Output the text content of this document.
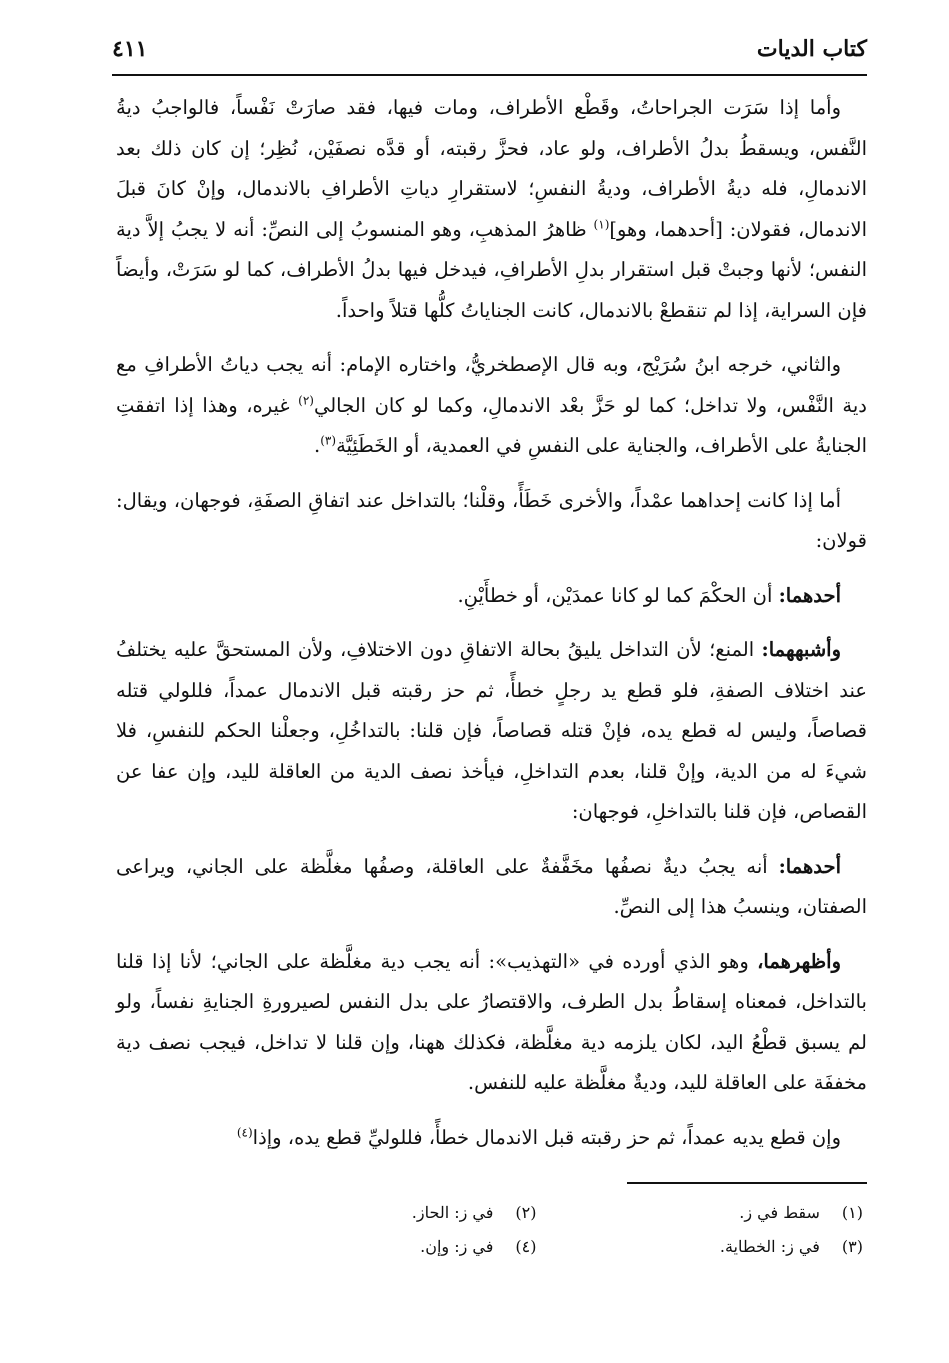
كتاب الديات
٤١١

وأما إذا سَرَت الجراحاتُ، وقَطْع الأطراف، ومات فيها، فقد صارَتْ نَفْساً، فالواجبُ ديةُ النَّفس، ويسقطُ بدلُ الأطراف، ولو عاد، فحزَّ رقبته، أو قدَّه نصفَيْن، نُظِر؛ إن كان ذلك بعد الاندمالِ، فله ديةُ الأطراف، وديةُ النفسِ؛ لاستقرارِ دياتِ الأطرافِ بالاندمال، وإنْ كانَ قبلَ الاندمال، فقولان: [أحدهما، وهو]$^{(١)}$ ظاهرُ المذهبِ، وهو المنسوبُ إلى النصِّ: أنه لا يجبُ إلاَّ دية النفس؛ لأنها وجبتْ قبل استقرار بدلِ الأطرافِ، فيدخل فيها بدلُ الأطراف، كما لو سَرَتْ، وأيضاً فإن السراية، إذا لم تنقطعْ بالاندمال، كانت الجناياتُ كلُّها قتلاً واحداً.

والثاني، خرجه ابنُ سُرَيْج، وبه قال الإصطخريُّ، واختاره الإمام: أنه يجب دياتُ الأطرافِ مع دية النَّفْس، ولا تداخل؛ كما لو حَزَّ بعْد الاندمالِ، وكما لو كان الجالي$^{(٢)}$ غيره، وهذا إذا اتفقتِ الجنايةُ على الأطراف، والجناية على النفسِ في العمدية، أو الخَطَئِيَّة$^{(٣)}$.

أما إذا كانت إحداهما عمْداً، والأخرى خَطَأً، وقلْنا؛ بالتداخل عند اتفاقِ الصفَةِ، فوجهان، ويقال: قولان:

أحدهما: أن الحكْمَ كما لو كانا عمدَيْن، أو خطأَيْنِ.

وأشبههما: المنع؛ لأن التداخل يليقُ بحالة الاتفاقِ دون الاختلافِ، ولأن المستحقَّ عليه يختلفُ عند اختلاف الصفةِ، فلو قطع يد رجلٍ خطأً، ثم حز رقبته قبل الاندمال عمداً، فللولي قتله قصاصاً، وليس له قطع يده، فإنْ قتله قصاصاً، فإن قلنا: بالتداخُلِ، وجعلْنا الحكم للنفسِ، فلا شيءَ له من الدية، وإنْ قلنا، بعدم التداخلِ، فيأخذ نصف الدية من العاقلة لليد، وإن عفا عن القصاص، فإن قلنا بالتداخلِ، فوجهان:

أحدهما: أنه يجبُ ديةٌ نصفُها مخَفَّفةٌ على العاقلة، وصفُها مغلَّظة على الجاني، ويراعى الصفتان، وينسبُ هذا إلى النصِّ.

وأظهرهما، وهو الذي أورده في «التهذيب»: أنه يجب دية مغلَّظة على الجاني؛ لأنا إذا قلنا بالتداخل، فمعناه إسقاطُ بدل الطرف، والاقتصارُ على بدل النفس لصيرورةِ الجنايةِ نفساً، ولو لم يسبق قطْعُ اليد، لكان يلزمه دية مغلَّظة، فكذلك ههنا، وإن قلنا لا تداخل، فيجب نصف دية مخففَة على العاقلة لليد، وديةٌ مغلَّظة عليه للنفس.

وإن قطع يديه عمداً، ثم حز رقبته قبل الاندمال خطأً، فللوليِّ قطع يده، وإذا$^{(٤)}$

(١)سقط في ز.
(٢)في ز: الحاز.
(٣)في ز: الخطاية.
(٤)في ز: وإن.
